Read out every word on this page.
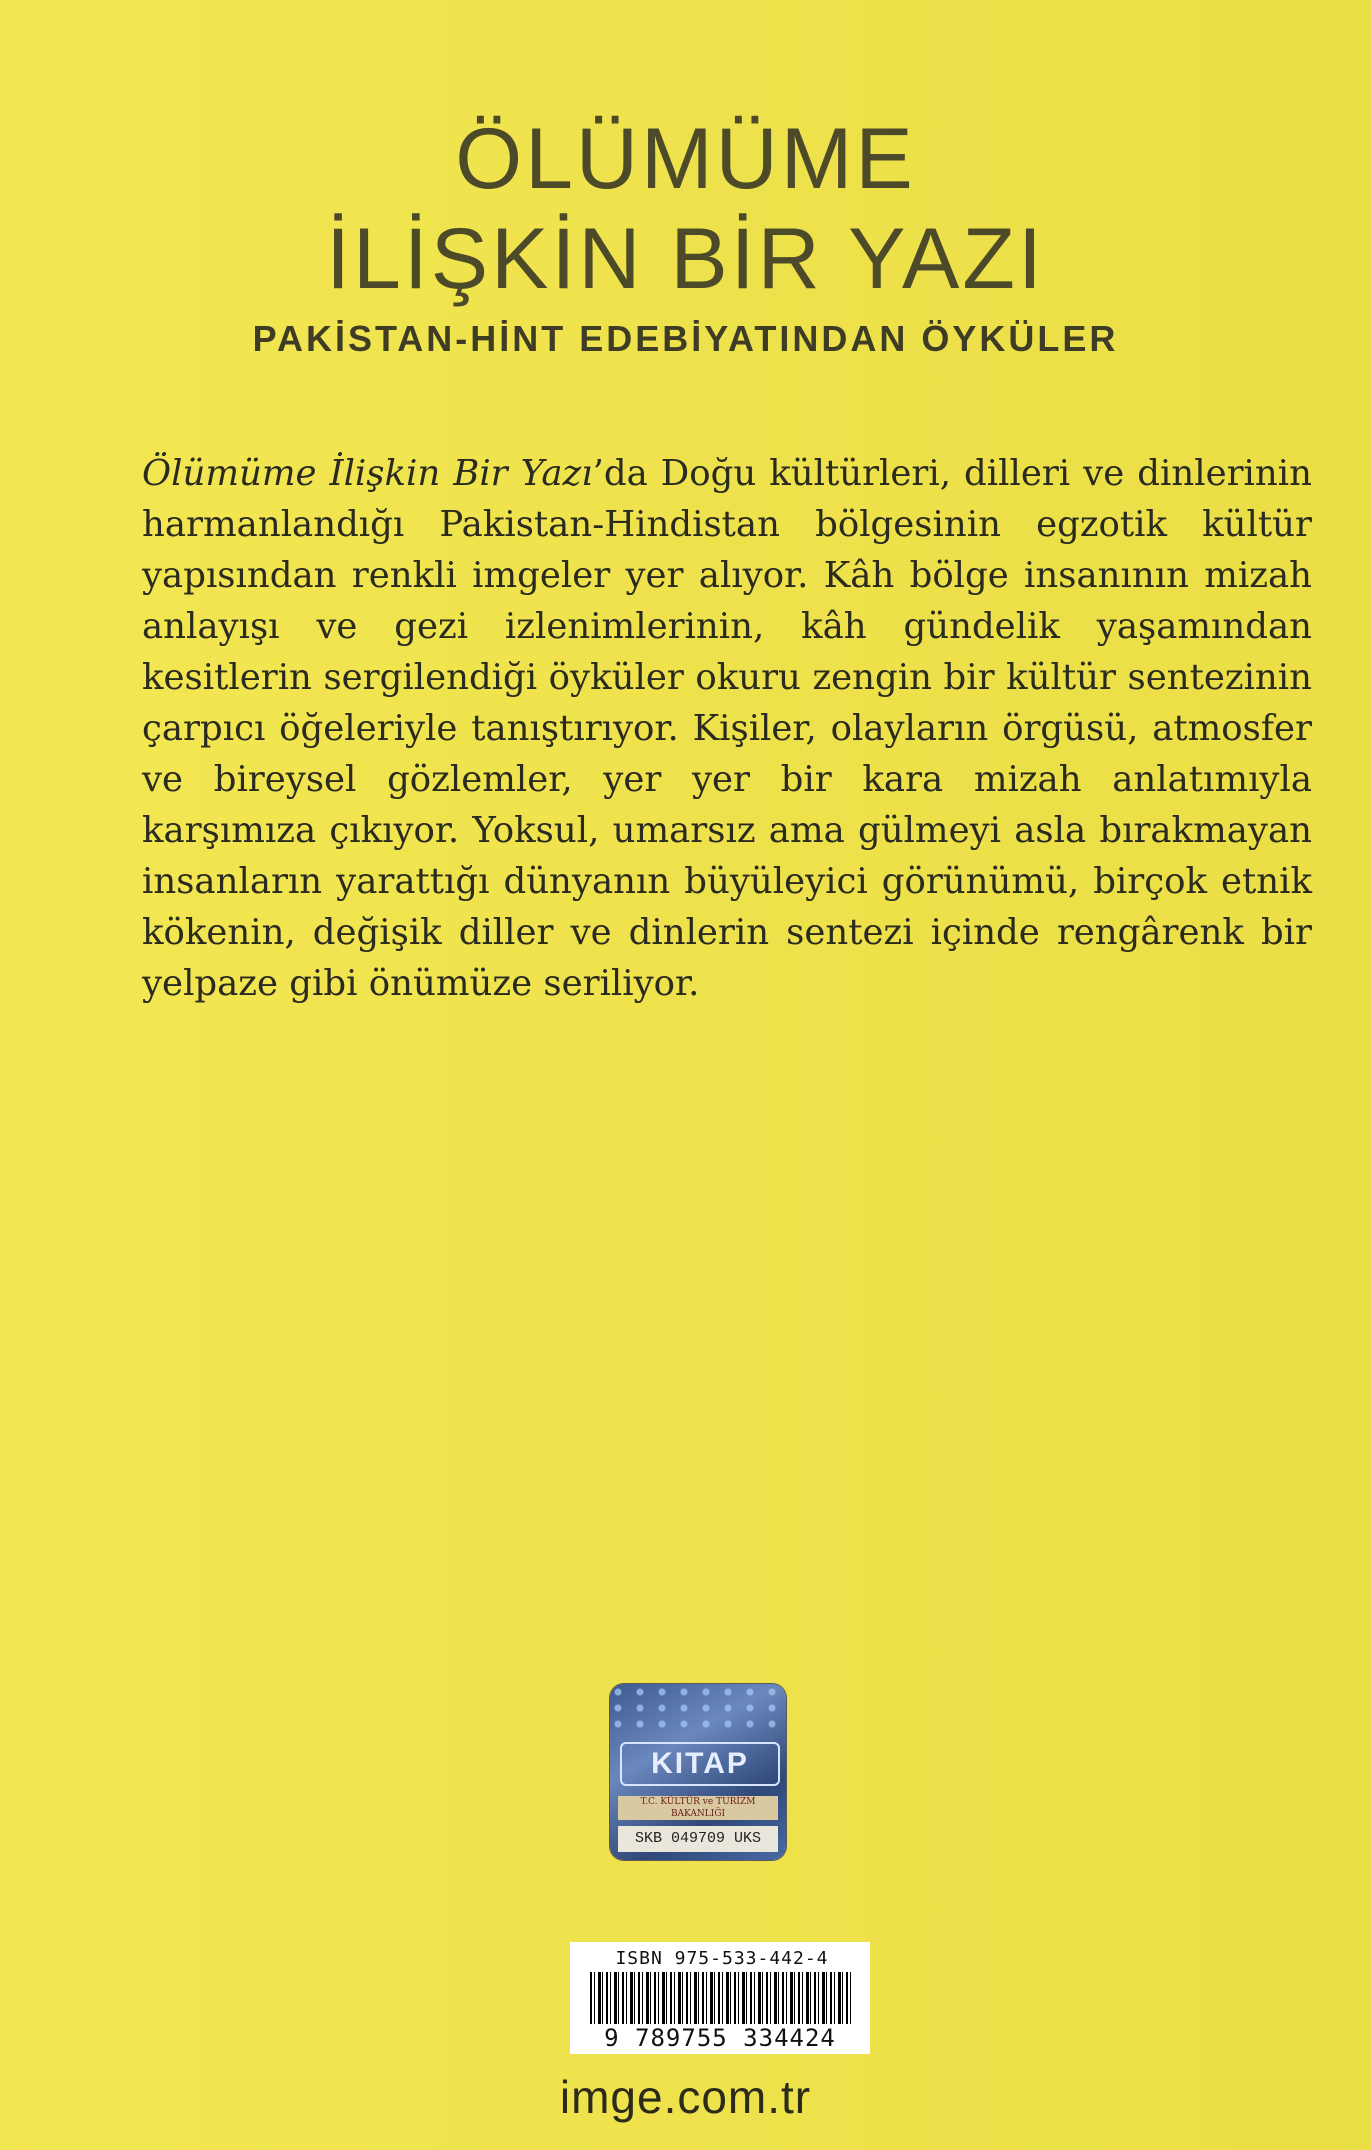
ÖLÜMÜME
İLİŞKİN BİR YAZI
PAKİSTAN-HİNT EDEBİYATINDAN ÖYKÜLER

Ölümüme İlişkin Bir Yazı’da Doğu kültürleri, dilleri ve dinlerinin harmanlandığı Pakistan-Hindistan bölgesinin egzotik kültür yapısından renkli imgeler yer alıyor. Kâh bölge insanının mizah anlayışı ve gezi izlenimlerinin, kâh gündelik yaşamından kesitlerin sergilendiği öyküler okuru zengin bir kültür sentezinin çarpıcı öğeleriyle tanıştırıyor. Kişiler, olayların örgüsü, atmosfer ve bireysel gözlemler, yer yer bir kara mizah anlatımıyla karşımıza çıkıyor. Yoksul, umarsız ama gülmeyi asla bırakmayan insanların yarattığı dünyanın büyüleyici görünümü, birçok etnik kökenin, değişik diller ve dinlerin sentezi içinde rengârenk bir yelpaze gibi önümüze seriliyor.

KITAP
T.C. KÜLTÜR ve TURİZM BAKANLIĞI
SKB 049709 UKS
ISBN 975-533-442-4
9 789755 334424

imge.com.tr
